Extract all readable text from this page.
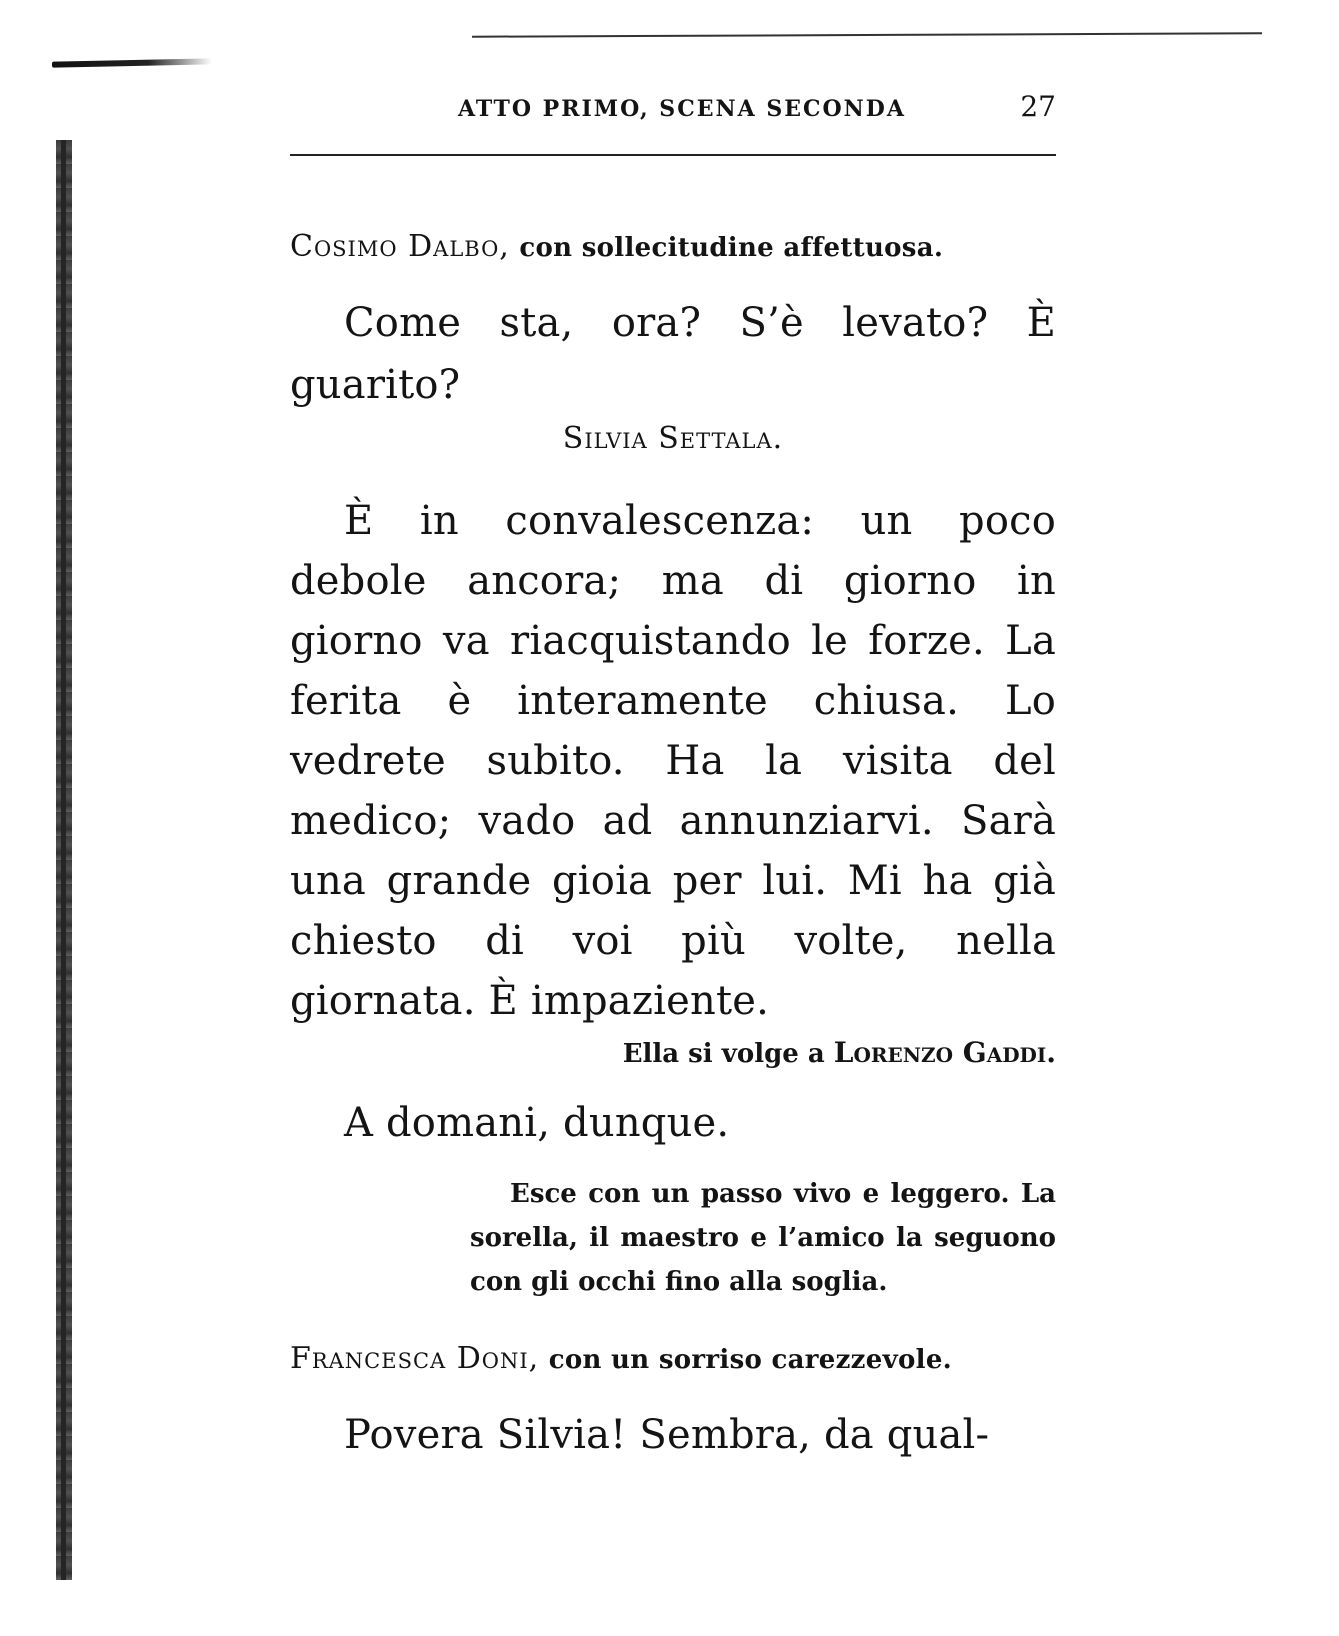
ATTO PRIMO, SCENA SECONDA	27

Cosimo Dalbo, con sollecitudine affettuosa.

Come sta, ora? S’è levato? È guarito?

Silvia Settala.

È in convalescenza: un poco debole ancora; ma di giorno in giorno va riacquistando le forze. La ferita è interamente chiusa. Lo vedrete subito. Ha la visita del medico; vado ad annunziarvi. Sarà una grande gioia per lui. Mi ha già chiesto di voi più volte, nella giornata. È impaziente.

Ella si volge a Lorenzo Gaddi.

A domani, dunque.

Esce con un passo vivo e leggero. La sorella, il maestro e l’amico la seguono con gli occhi fino alla soglia.

Francesca Doni, con un sorriso carezzevole.

Povera Silvia! Sembra, da qual-
